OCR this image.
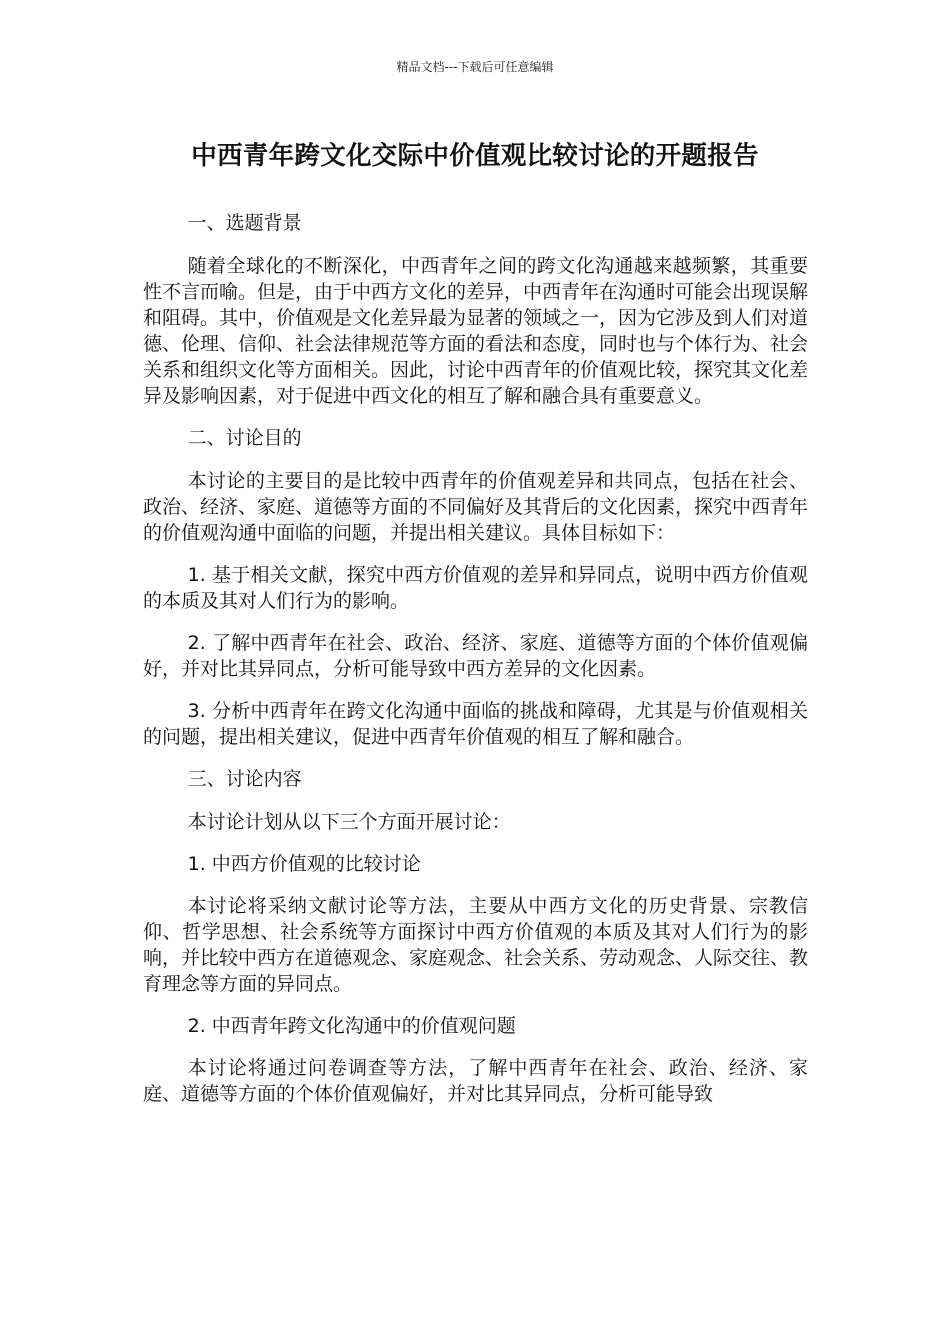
精品文档---下载后可任意编辑
中西青年跨文化交际中价值观比较讨论的开题报告

一、选题背景

随着全球化的不断深化，中西青年之间的跨文化沟通越来越频繁，其重要性不言而喻。但是，由于中西方文化的差异，中西青年在沟通时可能会出现误解和阻碍。其中，价值观是文化差异最为显著的领域之一，因为它涉及到人们对道德、伦理、信仰、社会法律规范等方面的看法和态度，同时也与个体行为、社会关系和组织文化等方面相关。因此，讨论中西青年的价值观比较，探究其文化差异及影响因素，对于促进中西文化的相互了解和融合具有重要意义。

二、讨论目的

本讨论的主要目的是比较中西青年的价值观差异和共同点，包括在社会、政治、经济、家庭、道德等方面的不同偏好及其背后的文化因素，探究中西青年的价值观沟通中面临的问题，并提出相关建议。具体目标如下：

1. 基于相关文献，探究中西方价值观的差异和异同点，说明中西方价值观的本质及其对人们行为的影响。

2. 了解中西青年在社会、政治、经济、家庭、道德等方面的个体价值观偏好，并对比其异同点，分析可能导致中西方差异的文化因素。

3. 分析中西青年在跨文化沟通中面临的挑战和障碍，尤其是与价值观相关的问题，提出相关建议，促进中西青年价值观的相互了解和融合。

三、讨论内容

本讨论计划从以下三个方面开展讨论：

1. 中西方价值观的比较讨论

本讨论将采纳文献讨论等方法，主要从中西方文化的历史背景、宗教信仰、哲学思想、社会系统等方面探讨中西方价值观的本质及其对人们行为的影响，并比较中西方在道德观念、家庭观念、社会关系、劳动观念、人际交往、教育理念等方面的异同点。

2. 中西青年跨文化沟通中的价值观问题

本讨论将通过问卷调查等方法，了解中西青年在社会、政治、经济、家庭、道德等方面的个体价值观偏好，并对比其异同点，分析可能导致
